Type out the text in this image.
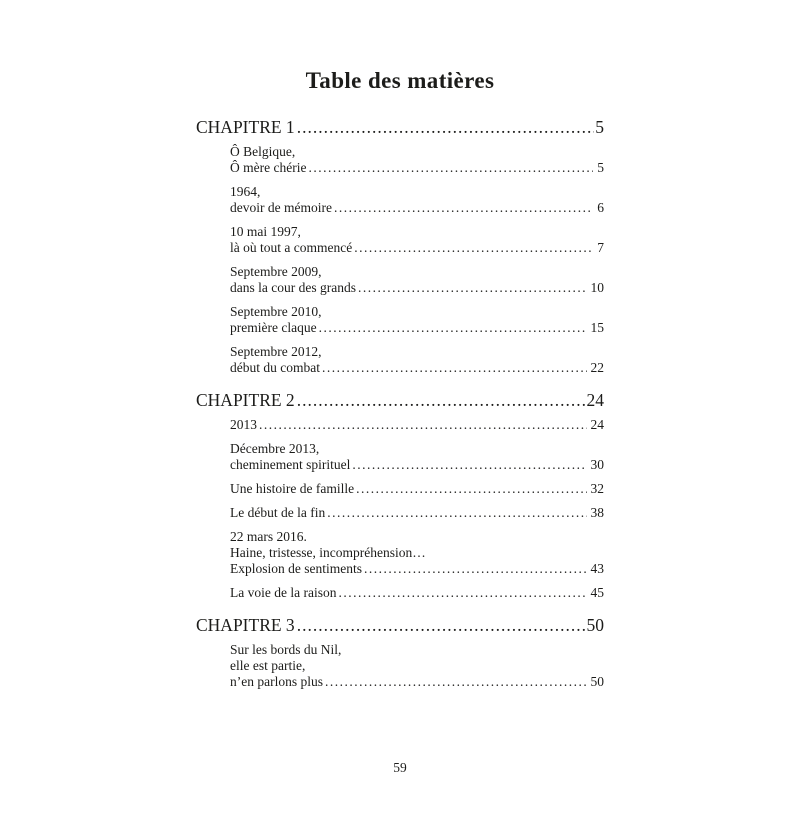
Table des matières
CHAPITRE 1 .....	5
Ô Belgique,
Ô mère chérie .....	5
1964,
devoir de mémoire .....	6
10 mai 1997,
là où tout a commencé .....	7
Septembre 2009,
dans la cour des grands .....	10
Septembre 2010,
première claque .....	15
Septembre 2012,
début du combat .....	22
CHAPITRE 2 .....	24
2013 .....	24
Décembre 2013,
cheminement spirituel .....	30
Une histoire de famille .....	32
Le début de la fin .....	38
22 mars 2016.
Haine, tristesse, incompréhension…
Explosion de sentiments .....	43
La voie de la raison .....	45
CHAPITRE 3 .....	50
Sur les bords du Nil,
elle est partie,
n’en parlons plus .....	50
59
